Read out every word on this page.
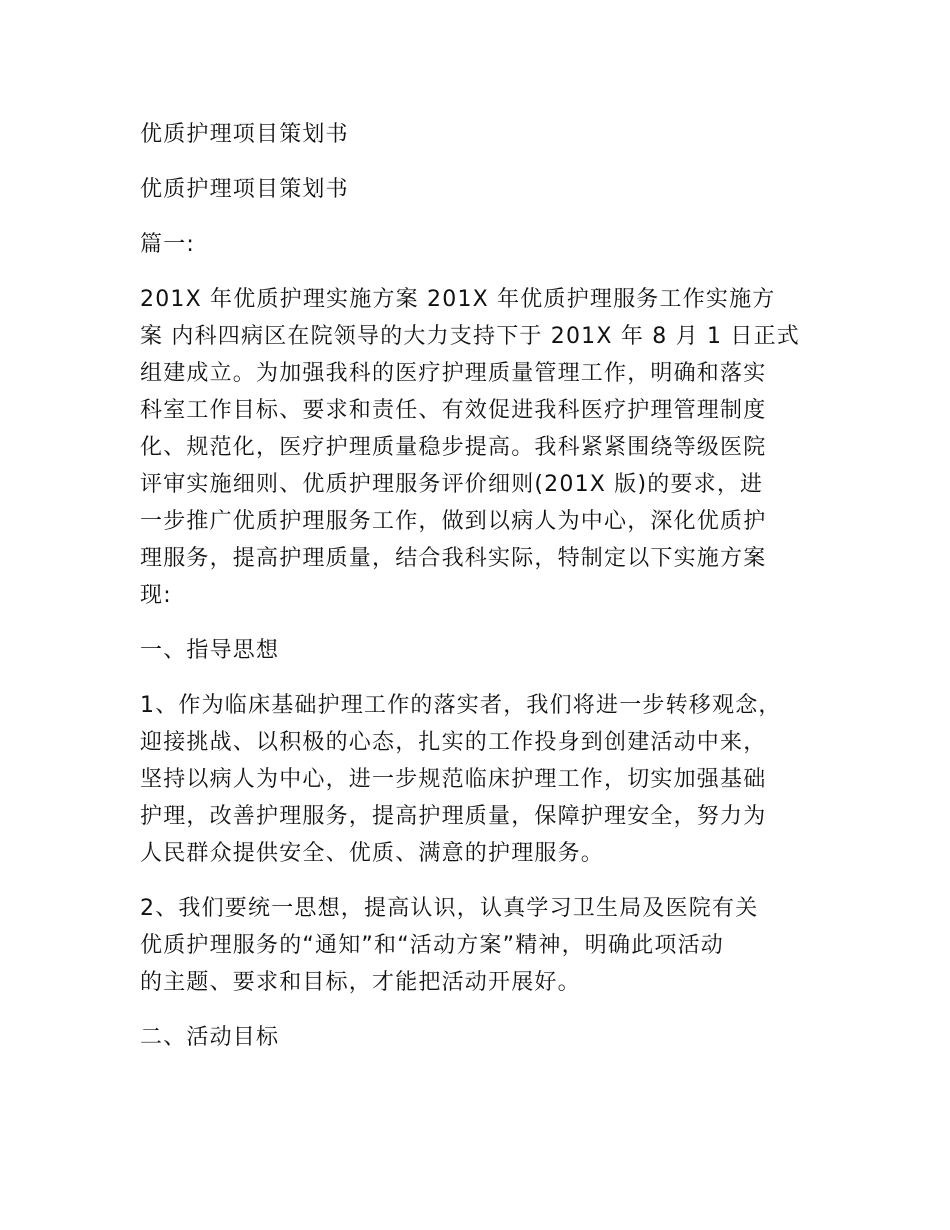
优质护理项目策划书

优质护理项目策划书

篇一:

201X 年优质护理实施方案 201X 年优质护理服务工作实施方

案 内科四病区在院领导的大力支持下于 201X 年 8 月 1 日正式

组建成立。为加强我科的医疗护理质量管理工作，明确和落实

科室工作目标、要求和责任、有效促进我科医疗护理管理制度

化、规范化，医疗护理质量稳步提高。我科紧紧围绕等级医院

评审实施细则、优质护理服务评价细则(201X 版)的要求，进

一步推广优质护理服务工作，做到以病人为中心，深化优质护

理服务，提高护理质量，结合我科实际，特制定以下实施方案

现:

一、指导思想

1、作为临床基础护理工作的落实者，我们将进一步转移观念，

迎接挑战、以积极的心态，扎实的工作投身到创建活动中来，

坚持以病人为中心，进一步规范临床护理工作，切实加强基础

护理，改善护理服务，提高护理质量，保障护理安全，努力为

人民群众提供安全、优质、满意的护理服务。

2、我们要统一思想，提高认识，认真学习卫生局及医院有关

优质护理服务的“通知”和“活动方案”精神，明确此项活动

的主题、要求和目标，才能把活动开展好。

二、活动目标
